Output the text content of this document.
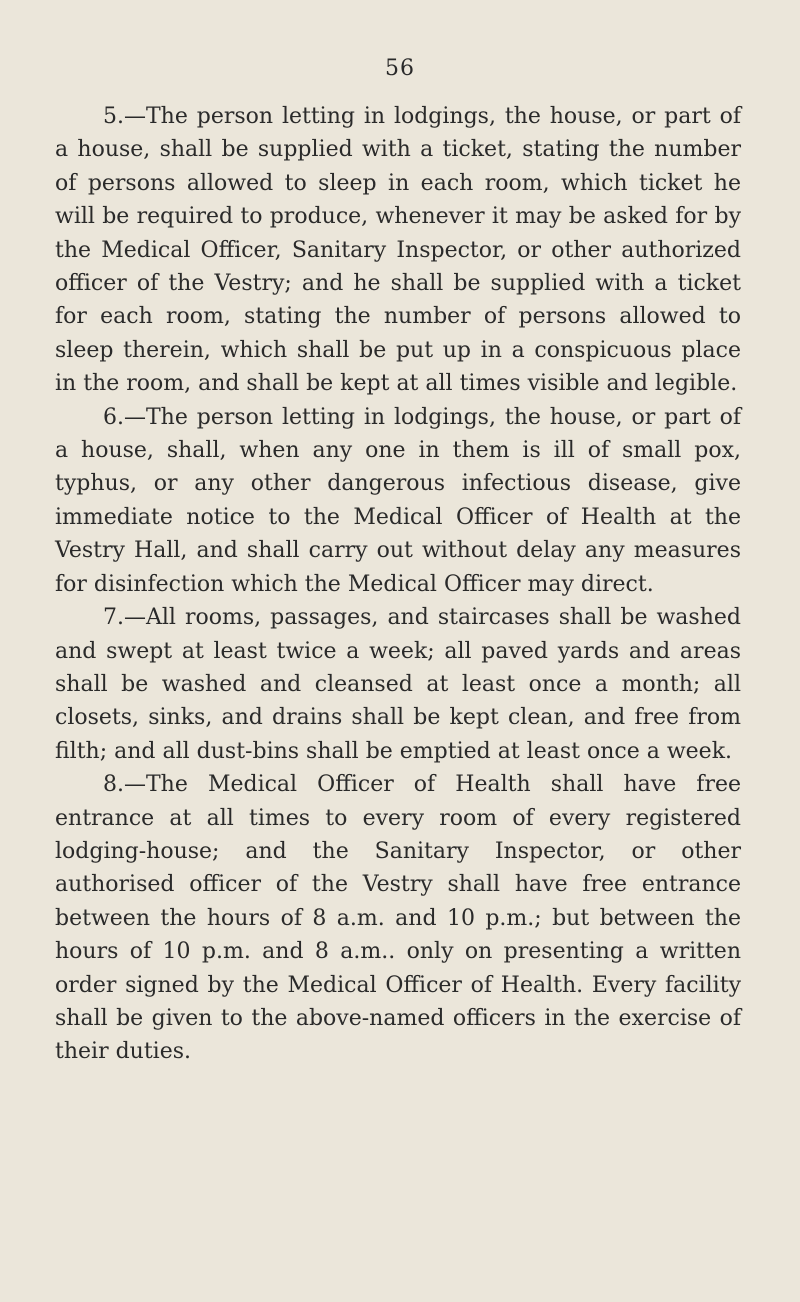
56

5.—The person letting in lodgings, the house, or part of a house, shall be supplied with a ticket, stating the number of persons allowed to sleep in each room, which ticket he will be required to produce, whenever it may be asked for by the Medical Officer, Sanitary Inspector, or other authorized officer of the Vestry; and he shall be supplied with a ticket for each room, stating the number of persons allowed to sleep therein, which shall be put up in a conspicuous place in the room, and shall be kept at all times visible and legible.

6.—The person letting in lodgings, the house, or part of a house, shall, when any one in them is ill of small pox, typhus, or any other dangerous infectious disease, give immediate notice to the Medical Officer of Health at the Vestry Hall, and shall carry out without delay any measures for disinfection which the Medical Officer may direct.

7.—All rooms, passages, and staircases shall be washed and swept at least twice a week; all paved yards and areas shall be washed and cleansed at least once a month; all closets, sinks, and drains shall be kept clean, and free from filth; and all dust-bins shall be emptied at least once a week.

8.—The Medical Officer of Health shall have free entrance at all times to every room of every registered lodging-house; and the Sanitary Inspector, or other authorised officer of the Vestry shall have free entrance between the hours of 8 a.m. and 10 p.m.; but between the hours of 10 p.m. and 8 a.m.. only on presenting a written order signed by the Medical Officer of Health. Every facility shall be given to the above-named officers in the exercise of their duties.
